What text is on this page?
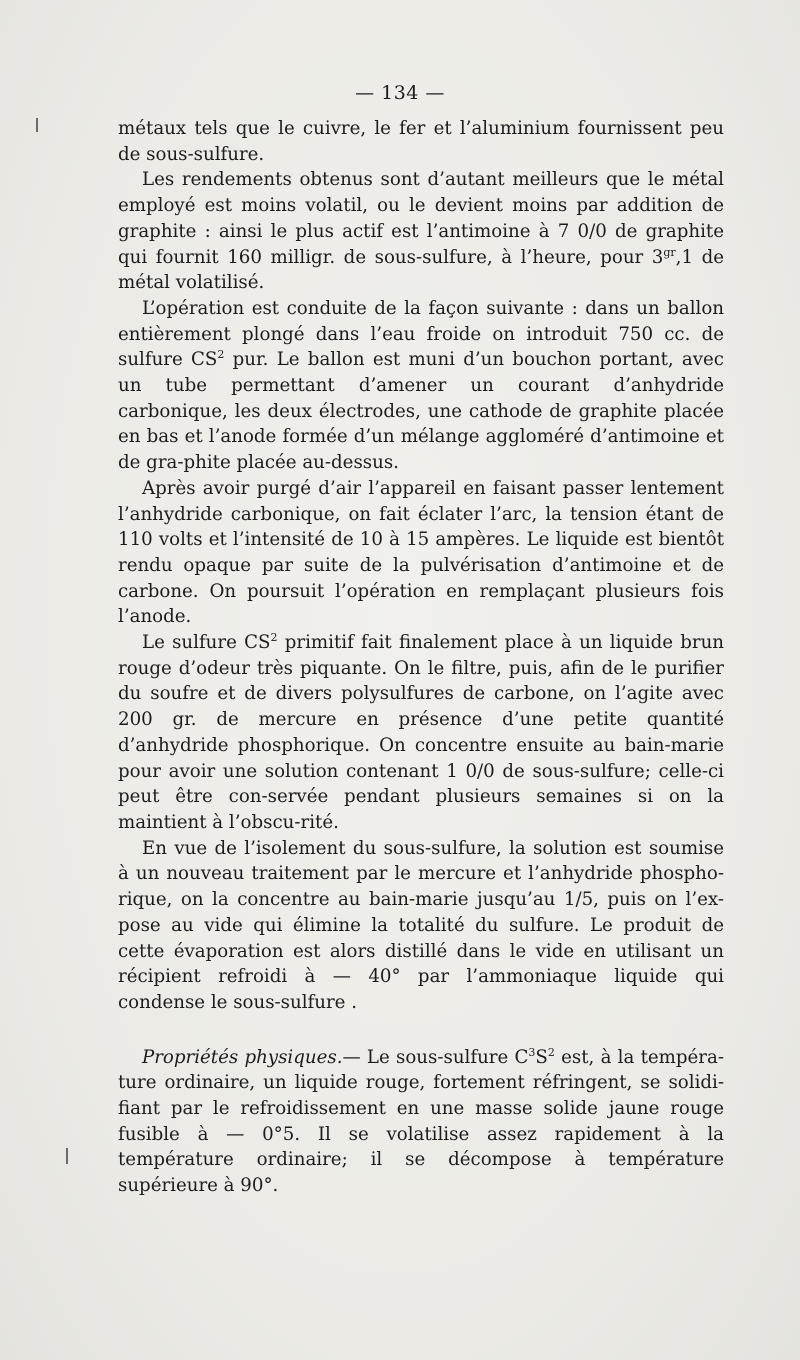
— 134 —

métaux tels que le cuivre, le fer et l’aluminium fournissent peu de sous-sulfure.

Les rendements obtenus sont d’autant meilleurs que le métal employé est moins volatil, ou le devient moins par addition de graphite : ainsi le plus actif est l’antimoine à 7 0/0 de graphite qui fournit 160 milligr. de sous-sulfure, à l’heure, pour $3^{gr},1$ de métal volatilisé.

L’opération est conduite de la façon suivante : dans un ballon entièrement plongé dans l’eau froide on introduit 750 cc. de sulfure $CS^2$ pur. Le ballon est muni d’un bouchon portant, avec un tube permettant d’amener un courant d’anhydride carbonique, les deux électrodes, une cathode de graphite placée en bas et l’anode formée d’un mélange aggloméré d’antimoine et de gra-phite placée au-dessus.

Après avoir purgé d’air l’appareil en faisant passer lentement l’anhydride carbonique, on fait éclater l’arc, la tension étant de 110 volts et l’intensité de 10 à 15 ampères. Le liquide est bientôt rendu opaque par suite de la pulvérisation d’antimoine et de carbone. On poursuit l’opération en remplaçant plusieurs fois l’anode.

Le sulfure $CS^2$ primitif fait finalement place à un liquide brun rouge d’odeur très piquante. On le filtre, puis, afin de le purifier du soufre et de divers polysulfures de carbone, on l’agite avec 200 gr. de mercure en présence d’une petite quantité d’anhydride phosphorique. On concentre ensuite au bain-marie pour avoir une solution contenant 1 0/0 de sous-sulfure; celle-ci peut être con-servée pendant plusieurs semaines si on la maintient à l’obscu-rité.

En vue de l’isolement du sous-sulfure, la solution est soumise à un nouveau traitement par le mercure et l’anhydride phospho-rique, on la concentre au bain-marie jusqu’au 1/5, puis on l’ex-pose au vide qui élimine la totalité du sulfure. Le produit de cette évaporation est alors distillé dans le vide en utilisant un récipient refroidi à — 40° par l’ammoniaque liquide qui condense le sous-sulfure .

Propriétés physiques.— Le sous-sulfure $C^3S^2$ est, à la tempéra-ture ordinaire, un liquide rouge, fortement réfringent, se solidi-fiant par le refroidissement en une masse solide jaune rouge fusible à — 0°5. Il se volatilise assez rapidement à la température ordinaire; il se décompose à température supérieure à 90°.
